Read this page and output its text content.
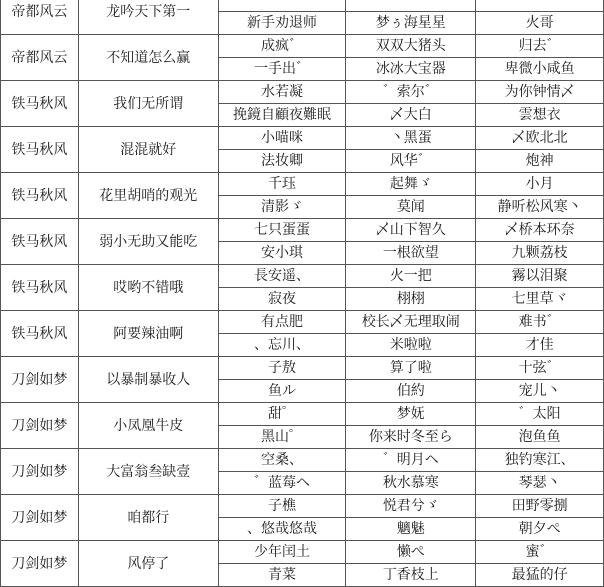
帝都风云	龙吟天下第一			
		新手劝退师	梦ぅ海星星	火哥
帝都风云	不知道怎么赢	成疯゛	双双大猪头	归去゛
		一手出゛	冰冰大宝器	卑微小咸鱼
铁马秋风	我们无所谓	水若凝	゛索尔゛	为你钟情乄
		挽鏡自顧夜難眠	乄大白	雲想衣
铁马秋风	混混就好	小喵咪	丶黑蛋	乄欧北北
		法妆卿	风华゛	炮神
铁马秋风	花里胡哨的观光	千珏	起舞ゞ	小月
		清影ゞ	莫闻	静听松风寒丶
铁马秋风	弱小无助又能吃	七只蛋蛋	乄山下智久	乄桥本环奈
		安小琪	一根欲望	九颗荔枝
铁马秋风	哎哟不错哦	長安遥、	火一把	霧以泪聚
		寂夜	栩栩	七里草ヾ
铁马秋风	阿要辣油啊	有点肥	校长乄无理取闹	难书゛
		、忘川、	米啦啦	才佳
刀剑如梦	以暴制暴收人	子敖	算了啦	十弦゛
		鱼ル	伯約	宠儿丶
刀剑如梦	小凤凰牛皮	甜゜	梦妩	゛太阳
		黑山゜	你来时冬至ら	泡鱼鱼
刀剑如梦	大富翁叁缺壹	空桑、	゛明月ヘ	独钓寒江、
		゛蓝莓ヘ	秋水慕寒	琴瑟丶
刀剑如梦	咱都行	子樵	悦君兮ゞ	田野零捌
		、悠哉悠哉	魑魅	朝夕ぺ
刀剑如梦	风停了	少年闰土	懒ぺ	蜜゛
		青菜	丁香枝上	最猛的仔
